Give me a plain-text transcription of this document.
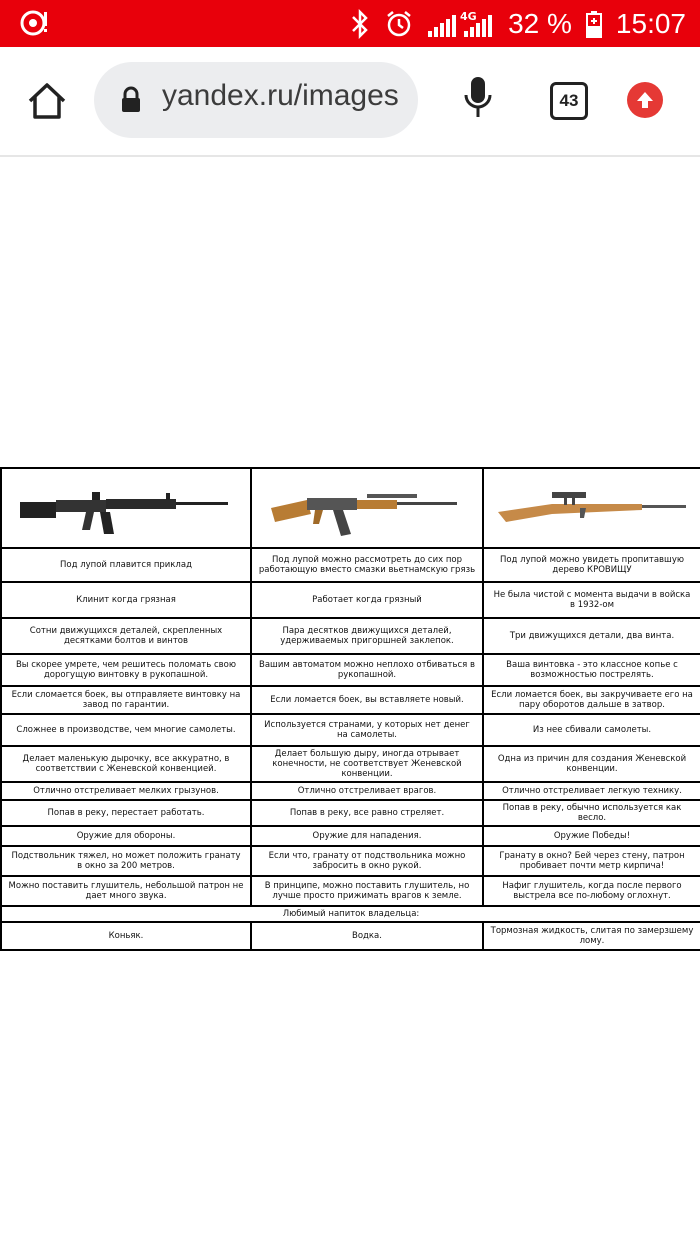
4G 32 % 15:07
yandex.ru/images	43

Под лупой плавится приклад	Под лупой можно рассмотреть до сих пор работающую вместо смазки вьетнамскую грязь	Под лупой можно увидеть пропитавшую дерево КРОВИЩУ
Клинит когда грязная	Работает когда грязный	Не была чистой с момента выдачи в войска в 1932-ом
Сотни движущихся деталей, скрепленных десятками болтов и винтов	Пара десятков движущихся деталей, удерживаемых пригоршней заклепок.	Три движущихся детали, два винта.
Вы скорее умрете, чем решитесь поломать свою дорогущую винтовку в рукопашной.	Вашим автоматом можно неплохо отбиваться в рукопашной.	Ваша винтовка - это классное копье с возможностью пострелять.
Если сломается боек, вы отправляете винтовку на завод по гарантии.	Если ломается боек, вы вставляете новый.	Если ломается боек, вы закручиваете его на пару оборотов дальше в затвор.
Сложнее в производстве, чем многие самолеты.	Используется странами, у которых нет денег на самолеты.	Из нее сбивали самолеты.
Делает маленькую дырочку, все аккуратно, в соответствии с Женевской конвенцией.	Делает большую дыру, иногда отрывает конечности, не соответствует Женевской конвенции.	Одна из причин для создания Женевской конвенции.
Отлично отстреливает мелких грызунов.	Отлично отстреливает врагов.	Отлично отстреливает легкую технику.
Попав в реку, перестает работать.	Попав в реку, все равно стреляет.	Попав в реку, обычно используется как весло.
Оружие для обороны.	Оружие для нападения.	Оружие Победы!
Подствольник тяжел, но может положить гранату в окно за 200 метров.	Если что, гранату от подствольника можно забросить в окно рукой.	Гранату в окно? Бей через стену, патрон пробивает почти метр кирпича!
Можно поставить глушитель, небольшой патрон не дает много звука.	В принципе, можно поставить глушитель, но лучше просто прижимать врагов к земле.	Нафиг глушитель, когда после первого выстрела все по-любому оглохнут.
Любимый напиток владельца:		
Коньяк.	Водка.	Тормозная жидкость, слитая по замерзшему лому.
